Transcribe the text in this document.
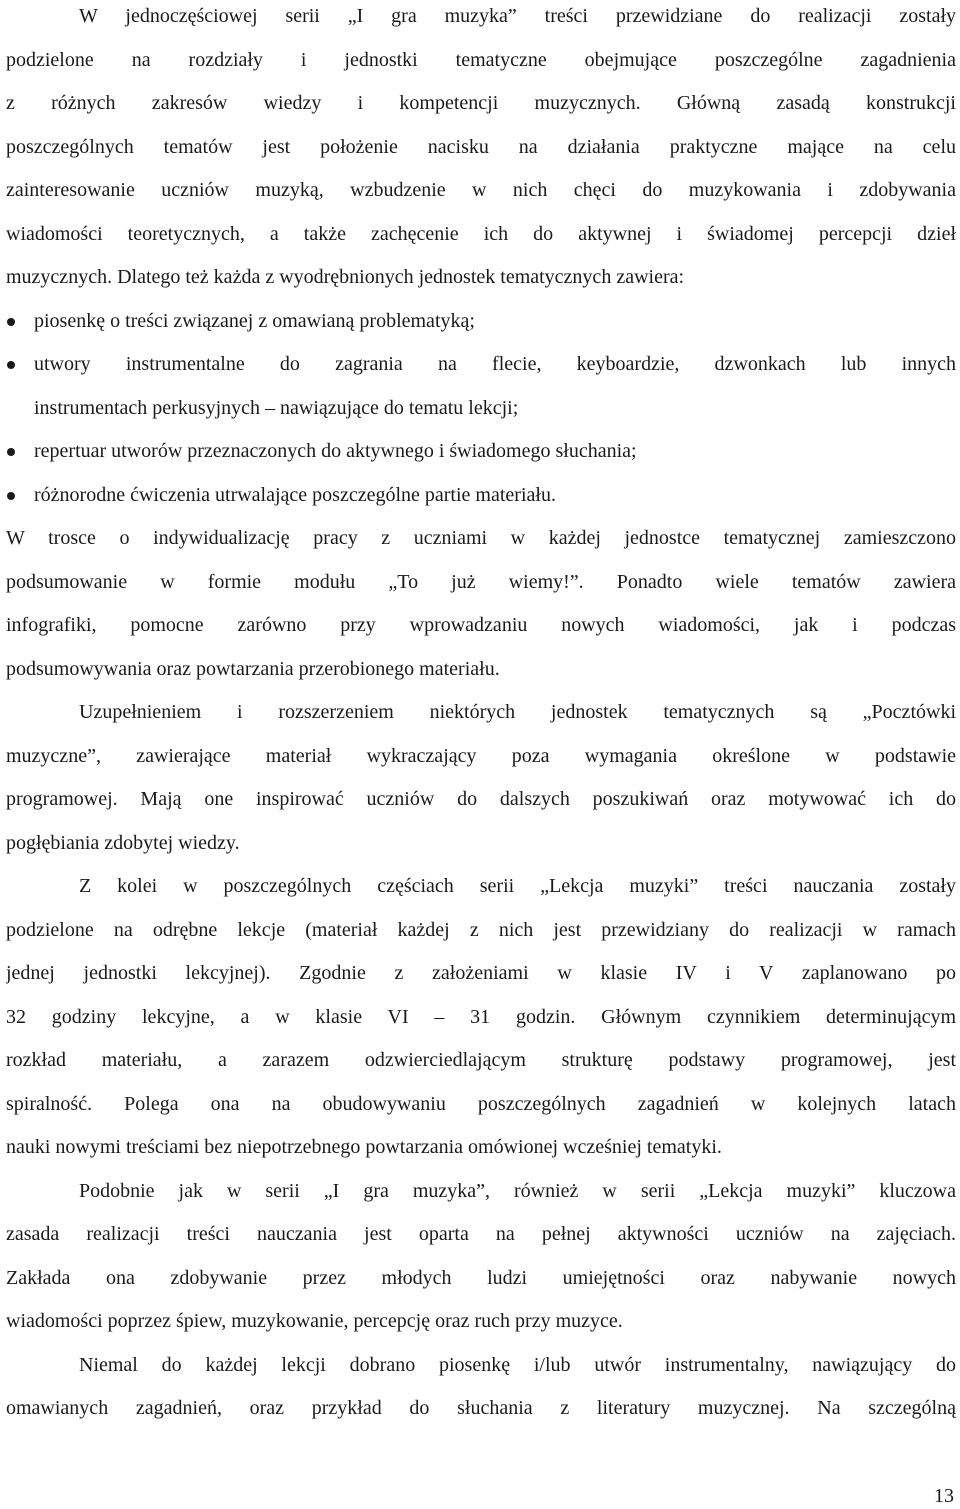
W jednoczęściowej serii „I gra muzyka” treści przewidziane do realizacji zostały
podzielone na rozdziały i jednostki tematyczne obejmujące poszczególne zagadnienia
z różnych zakresów wiedzy i kompetencji muzycznych. Główną zasadą konstrukcji
poszczególnych tematów jest położenie nacisku na działania praktyczne mające na celu
zainteresowanie uczniów muzyką, wzbudzenie w nich chęci do muzykowania i zdobywania
wiadomości teoretycznych, a także zachęcenie ich do aktywnej i świadomej percepcji dzieł
muzycznych. Dlatego też każda z wyodrębnionych jednostek tematycznych zawiera:
piosenkę o treści związanej z omawianą problematyką;
utwory instrumentalne do zagrania na flecie, keyboardzie, dzwonkach lub innych
instrumentach perkusyjnych – nawiązujące do tematu lekcji;
repertuar utworów przeznaczonych do aktywnego i świadomego słuchania;
różnorodne ćwiczenia utrwalające poszczególne partie materiału.
W trosce o indywidualizację pracy z uczniami w każdej jednostce tematycznej zamieszczono
podsumowanie w formie modułu „To już wiemy!”. Ponadto wiele tematów zawiera
infografiki, pomocne zarówno przy wprowadzaniu nowych wiadomości, jak i podczas
podsumowywania oraz powtarzania przerobionego materiału.
Uzupełnieniem i rozszerzeniem niektórych jednostek tematycznych są „Pocztówki
muzyczne”, zawierające materiał wykraczający poza wymagania określone w podstawie
programowej. Mają one inspirować uczniów do dalszych poszukiwań oraz motywować ich do
pogłębiania zdobytej wiedzy.
Z kolei w poszczególnych częściach serii „Lekcja muzyki” treści nauczania zostały
podzielone na odrębne lekcje (materiał każdej z nich jest przewidziany do realizacji w ramach
jednej jednostki lekcyjnej). Zgodnie z założeniami w klasie IV i V zaplanowano po
32 godziny lekcyjne, a w klasie VI – 31 godzin. Głównym czynnikiem determinującym
rozkład materiału, a zarazem odzwierciedlającym strukturę podstawy programowej, jest
spiralność. Polega ona na obudowywaniu poszczególnych zagadnień w kolejnych latach
nauki nowymi treściami bez niepotrzebnego powtarzania omówionej wcześniej tematyki.
Podobnie jak w serii „I gra muzyka”, również w serii „Lekcja muzyki” kluczowa
zasada realizacji treści nauczania jest oparta na pełnej aktywności uczniów na zajęciach.
Zakłada ona zdobywanie przez młodych ludzi umiejętności oraz nabywanie nowych
wiadomości poprzez śpiew, muzykowanie, percepcję oraz ruch przy muzyce.
Niemal do każdej lekcji dobrano piosenkę i/lub utwór instrumentalny, nawiązujący do
omawianych zagadnień, oraz przykład do słuchania z literatury muzycznej. Na szczególną
13
